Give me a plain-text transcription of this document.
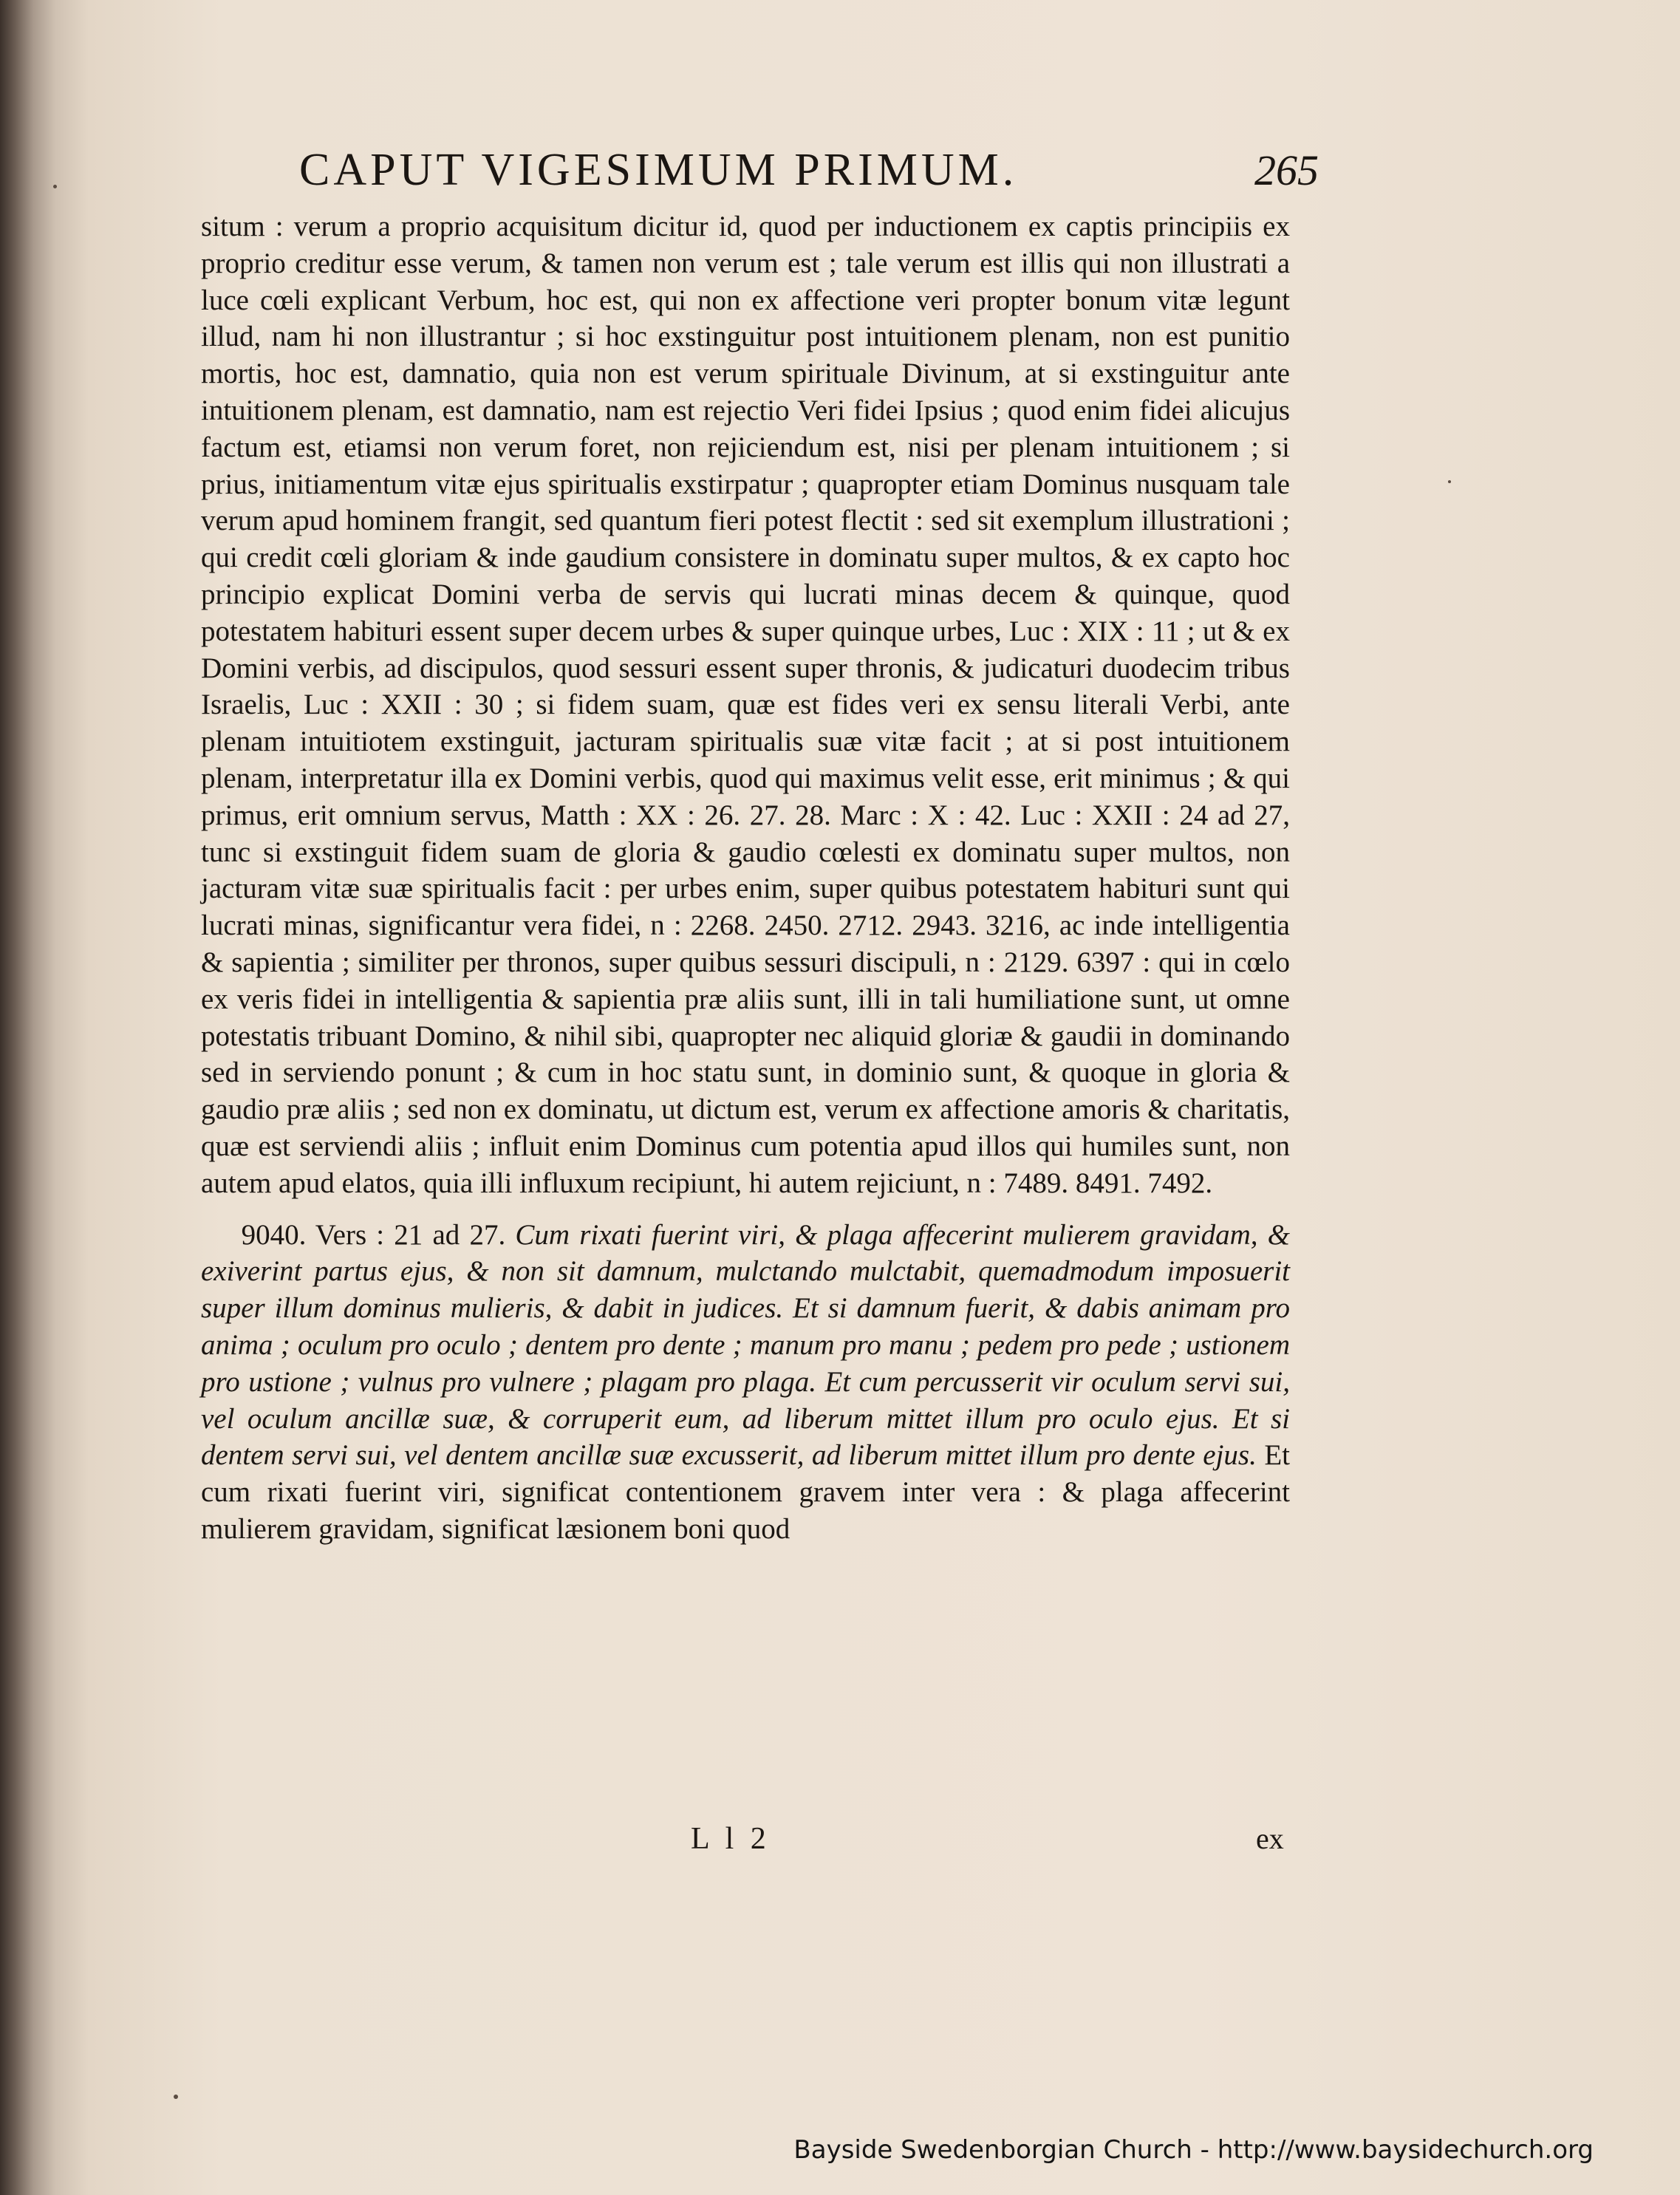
CAPUT VIGESIMUM PRIMUM.	265

situm : verum a proprio acquisitum dicitur id, quod per inductionem ex captis principiis ex proprio creditur esse verum, & tamen non verum est ; tale verum est illis qui non illustrati a luce cœli explicant Verbum, hoc est, qui non ex affectione veri propter bonum vitæ legunt illud, nam hi non illustrantur ; si hoc exstinguitur post intuitionem plenam, non est punitio mortis, hoc est, damnatio, quia non est verum spirituale Divinum, at si exstinguitur ante intuitionem plenam, est damnatio, nam est rejectio Veri fidei Ipsius ; quod enim fidei alicujus factum est, etiamsi non verum foret, non rejiciendum est, nisi per plenam intuitionem ; si prius, initiamentum vitæ ejus spiritualis exstirpatur ; quapropter etiam Dominus nusquam tale verum apud hominem frangit, sed quantum fieri potest flectit : sed sit exemplum illustrationi ; qui credit cœli gloriam & inde gaudium consistere in dominatu super multos, & ex capto hoc principio explicat Domini verba de servis qui lucrati minas decem & quinque, quod potestatem habituri essent super decem urbes & super quinque urbes, Luc : XIX : 11 ; ut & ex Domini verbis, ad discipulos, quod sessuri essent super thronis, & judicaturi duodecim tribus Israelis, Luc : XXII : 30 ; si fidem suam, quæ est fides veri ex sensu literali Verbi, ante plenam intuitiotem exstinguit, jacturam spiritualis suæ vitæ facit ; at si post intuitionem plenam, interpretatur illa ex Domini verbis, quod qui maximus velit esse, erit minimus ; & qui primus, erit omnium servus, Matth : XX : 26. 27. 28. Marc : X : 42. Luc : XXII : 24 ad 27, tunc si exstinguit fidem suam de gloria & gaudio cœlesti ex dominatu super multos, non jacturam vitæ suæ spiritualis facit : per urbes enim, super quibus potestatem habituri sunt qui lucrati minas, significantur vera fidei, n : 2268. 2450. 2712. 2943. 3216, ac inde intelligentia & sapientia ; similiter per thronos, super quibus sessuri discipuli, n : 2129. 6397 : qui in cœlo ex veris fidei in intelligentia & sapientia præ aliis sunt, illi in tali humiliatione sunt, ut omne potestatis tribuant Domino, & nihil sibi, quapropter nec aliquid gloriæ & gaudii in dominando sed in serviendo ponunt ; & cum in hoc statu sunt, in dominio sunt, & quoque in gloria & gaudio præ aliis ; sed non ex dominatu, ut dictum est, verum ex affectione amoris & charitatis, quæ est serviendi aliis ; influit enim Dominus cum potentia apud illos qui humiles sunt, non autem apud elatos, quia illi influxum recipiunt, hi autem rejiciunt, n : 7489. 8491. 7492.

9040. Vers : 21 ad 27. Cum rixati fuerint viri, & plaga affecerint mulierem gravidam, & exiverint partus ejus, & non sit damnum, mulctando mulctabit, quemadmodum imposuerit super illum dominus mulieris, & dabit in judices. Et si damnum fuerit, & dabis animam pro anima ; oculum pro oculo ; dentem pro dente ; manum pro manu ; pedem pro pede ; ustionem pro ustione ; vulnus pro vulnere ; plagam pro plaga. Et cum percusserit vir oculum servi sui, vel oculum ancillæ suæ, & corruperit eum, ad liberum mittet illum pro oculo ejus. Et si dentem servi sui, vel dentem ancillæ suæ excusserit, ad liberum mittet illum pro dente ejus. Et cum rixati fuerint viri, significat contentionem gravem inter vera : & plaga affecerint mulierem gravidam, significat læsionem boni quod

L l 2	ex
Bayside Swedenborgian Church - http://www.baysidechurch.org
